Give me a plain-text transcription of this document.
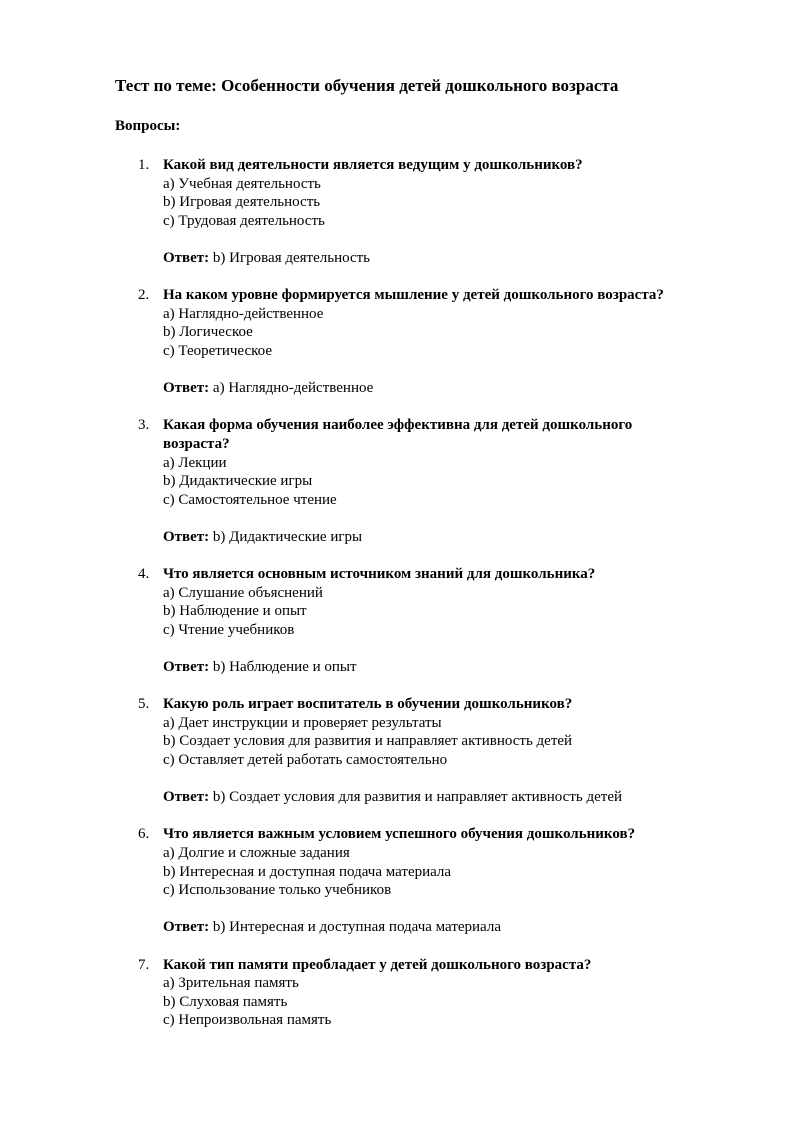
Тест по теме: Особенности обучения детей дошкольного возраста
Вопросы:
1. Какой вид деятельности является ведущим у дошкольников?
a) Учебная деятельность
b) Игровая деятельность
c) Трудовая деятельность
Ответ: b) Игровая деятельность
2. На каком уровне формируется мышление у детей дошкольного возраста?
a) Наглядно-действенное
b) Логическое
c) Теоретическое
Ответ: a) Наглядно-действенное
3. Какая форма обучения наиболее эффективна для детей дошкольного возраста?
a) Лекции
b) Дидактические игры
c) Самостоятельное чтение
Ответ: b) Дидактические игры
4. Что является основным источником знаний для дошкольника?
a) Слушание объяснений
b) Наблюдение и опыт
c) Чтение учебников
Ответ: b) Наблюдение и опыт
5. Какую роль играет воспитатель в обучении дошкольников?
a) Дает инструкции и проверяет результаты
b) Создает условия для развития и направляет активность детей
c) Оставляет детей работать самостоятельно
Ответ: b) Создает условия для развития и направляет активность детей
6. Что является важным условием успешного обучения дошкольников?
a) Долгие и сложные задания
b) Интересная и доступная подача материала
c) Использование только учебников
Ответ: b) Интересная и доступная подача материала
7. Какой тип памяти преобладает у детей дошкольного возраста?
a) Зрительная память
b) Слуховая память
c) Непроизвольная память
